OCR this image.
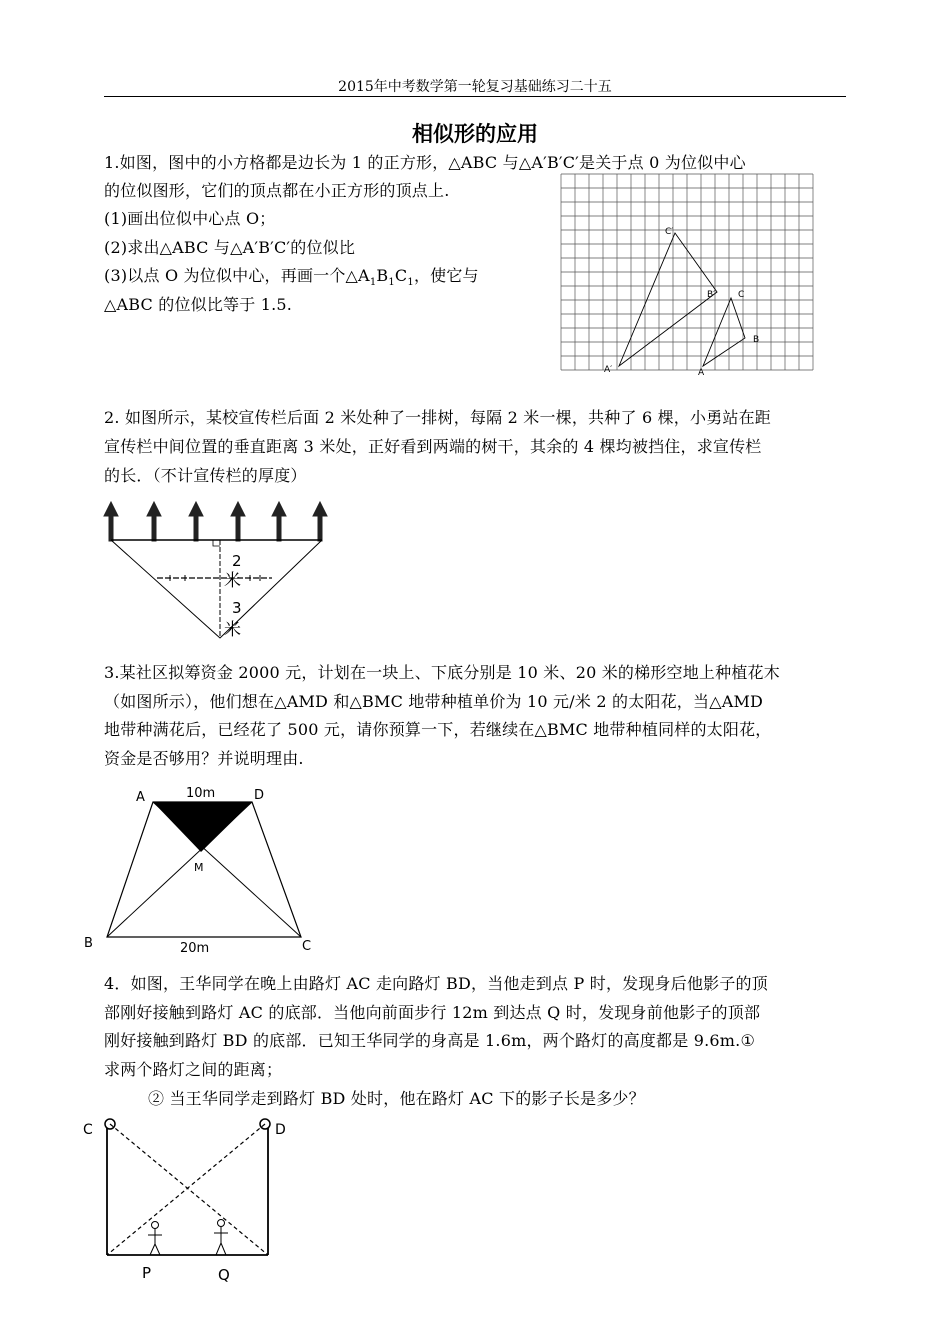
2015年中考数学第一轮复习基础练习二十五
相似形的应用
1.如图，图中的小方格都是边长为 1 的正方形，△ABC 与△A′B′C′是关于点 0 为位似中心
的位似图形，它们的顶点都在小正方形的顶点上.
(1)画出位似中心点 O；
(2)求出△ABC 与△A′B′C′的位似比
(3)以点 O 为位似中心，再画一个$\triangle A_1B_1C_1$，使它与
△ABC 的位似比等于 1.5.
C′
B′
A′	A
B
C
2. 如图所示，某校宣传栏后面 2 米处种了一排树，每隔 2 米一棵，共种了 6 棵，小勇站在距
宣传栏中间位置的垂直距离 3 米处，正好看到两端的树干，其余的 4 棵均被挡住，求宣传栏
的长．（不计宣传栏的厚度）
2
米
3
米
3.某社区拟筹资金 2000 元，计划在一块上、下底分别是 10 米、20 米的梯形空地上种植花木
（如图所示），他们想在△AMD 和△BMC 地带种植单价为 10 元/米 2 的太阳花，当△AMD
地带种满花后，已经花了 500 元，请你预算一下，若继续在△BMC 地带种植同样的太阳花，
资金是否够用？并说明理由.
A	D
10m
M
B	C
20m
4．如图，王华同学在晚上由路灯 AC 走向路灯 BD，当他走到点 P 时，发现身后他影子的顶
部刚好接触到路灯 AC 的底部．当他向前面步行 12m 到达点 Q 时，发现身前他影子的顶部
刚好接触到路灯 BD 的底部．已知王华同学的身高是 1.6m，两个路灯的高度都是 9.6m.①
求两个路灯之间的距离；
② 当王华同学走到路灯 BD 处时，他在路灯 AC 下的影子长是多少？
C	D
P	Q
